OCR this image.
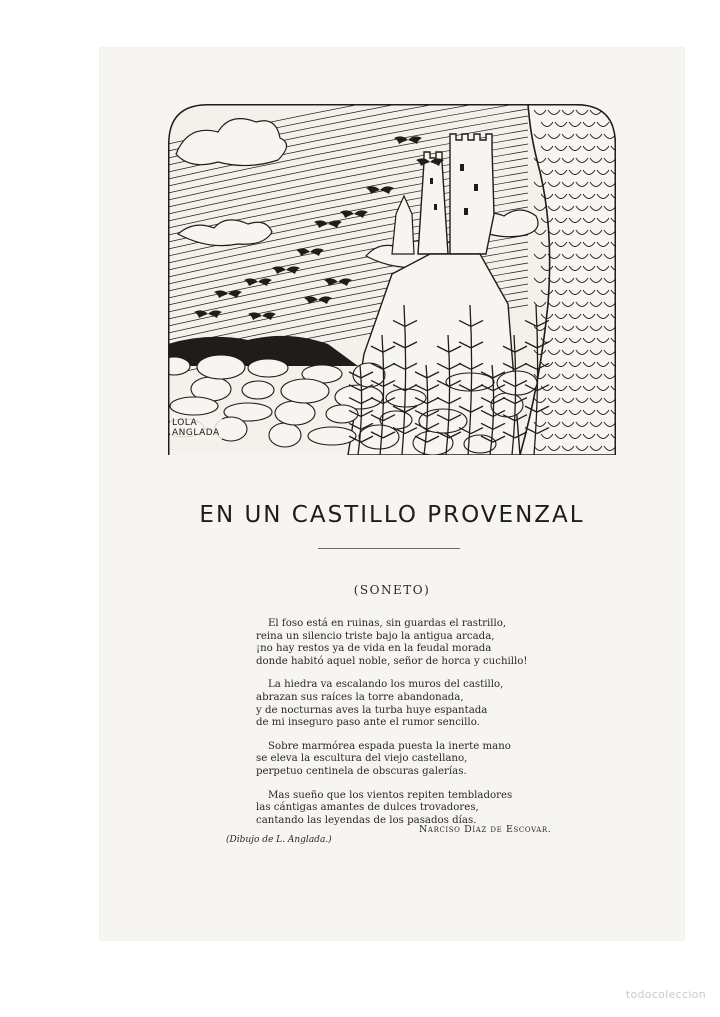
LOLA
ANGLADA
EN UN CASTILLO PROVENZAL
(SONETO)
El foso está en ruinas, sin guardas el rastrillo,
reina un silencio triste bajo la antigua arcada,
¡no hay restos ya de vida en la feudal morada
donde habitó aquel noble, señor de horca y cuchillo!
La hiedra va escalando los muros del castillo,
abrazan sus raíces la torre abandonada,
y de nocturnas aves la turba huye espantada
de mi inseguro paso ante el rumor sencillo.
Sobre marmórea espada puesta la inerte mano
se eleva la escultura del viejo castellano,
perpetuo centinela de obscuras galerías.
Mas sueño que los vientos repiten tembladores
las cántigas amantes de dulces trovadores,
cantando las leyendas de los pasados días.
Narciso Díaz de Escovar.
(Dibujo de L. Anglada.)
todocoleccion
